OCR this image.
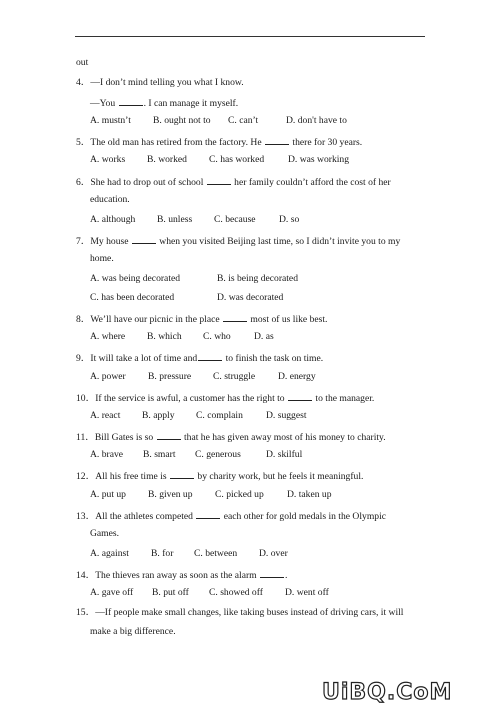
out
4．—I don’t mind telling you what I know.
—You	. I can manage it myself.
A. mustn’t	B. ought not to	C. can’t	D. don't have to
5．The old man has retired from the factory. He	there for 30 years.
A. works	B. worked	C. has worked	D. was working
6．She had to drop out of school	her family couldn’t afford the cost of her
education.
A. although	B. unless	C. because	D. so
7．My house	when you visited Beijing last time, so I didn’t invite you to my
home.
A. was being decorated	B. is being decorated
C. has been decorated	D. was decorated
8．We’ll have our picnic in the place	most of us like best.
A. where	B. which	C. who	D. as
9．It will take a lot of time and	to finish the task on time.
A. power	B. pressure	C. struggle	D. energy
10．If the service is awful, a customer has the right to	to the manager.
A. react	B. apply	C. complain	D. suggest
11．Bill Gates is so	that he has given away most of his money to charity.
A. brave	B. smart	C. generous	D. skilful
12．All his free time is	by charity work, but he feels it meaningful.
A. put up	B. given up	C. picked up	D. taken up
13．All the athletes competed	each other for gold medals in the Olympic
Games.
A. against	B. for	C. between	D. over
14．The thieves ran away as soon as the alarm	.
A. gave off	B. put off	C. showed off	D. went off
15．—If people make small changes, like taking buses instead of driving cars, it will
make a big difference.
UiBQ.CoM
